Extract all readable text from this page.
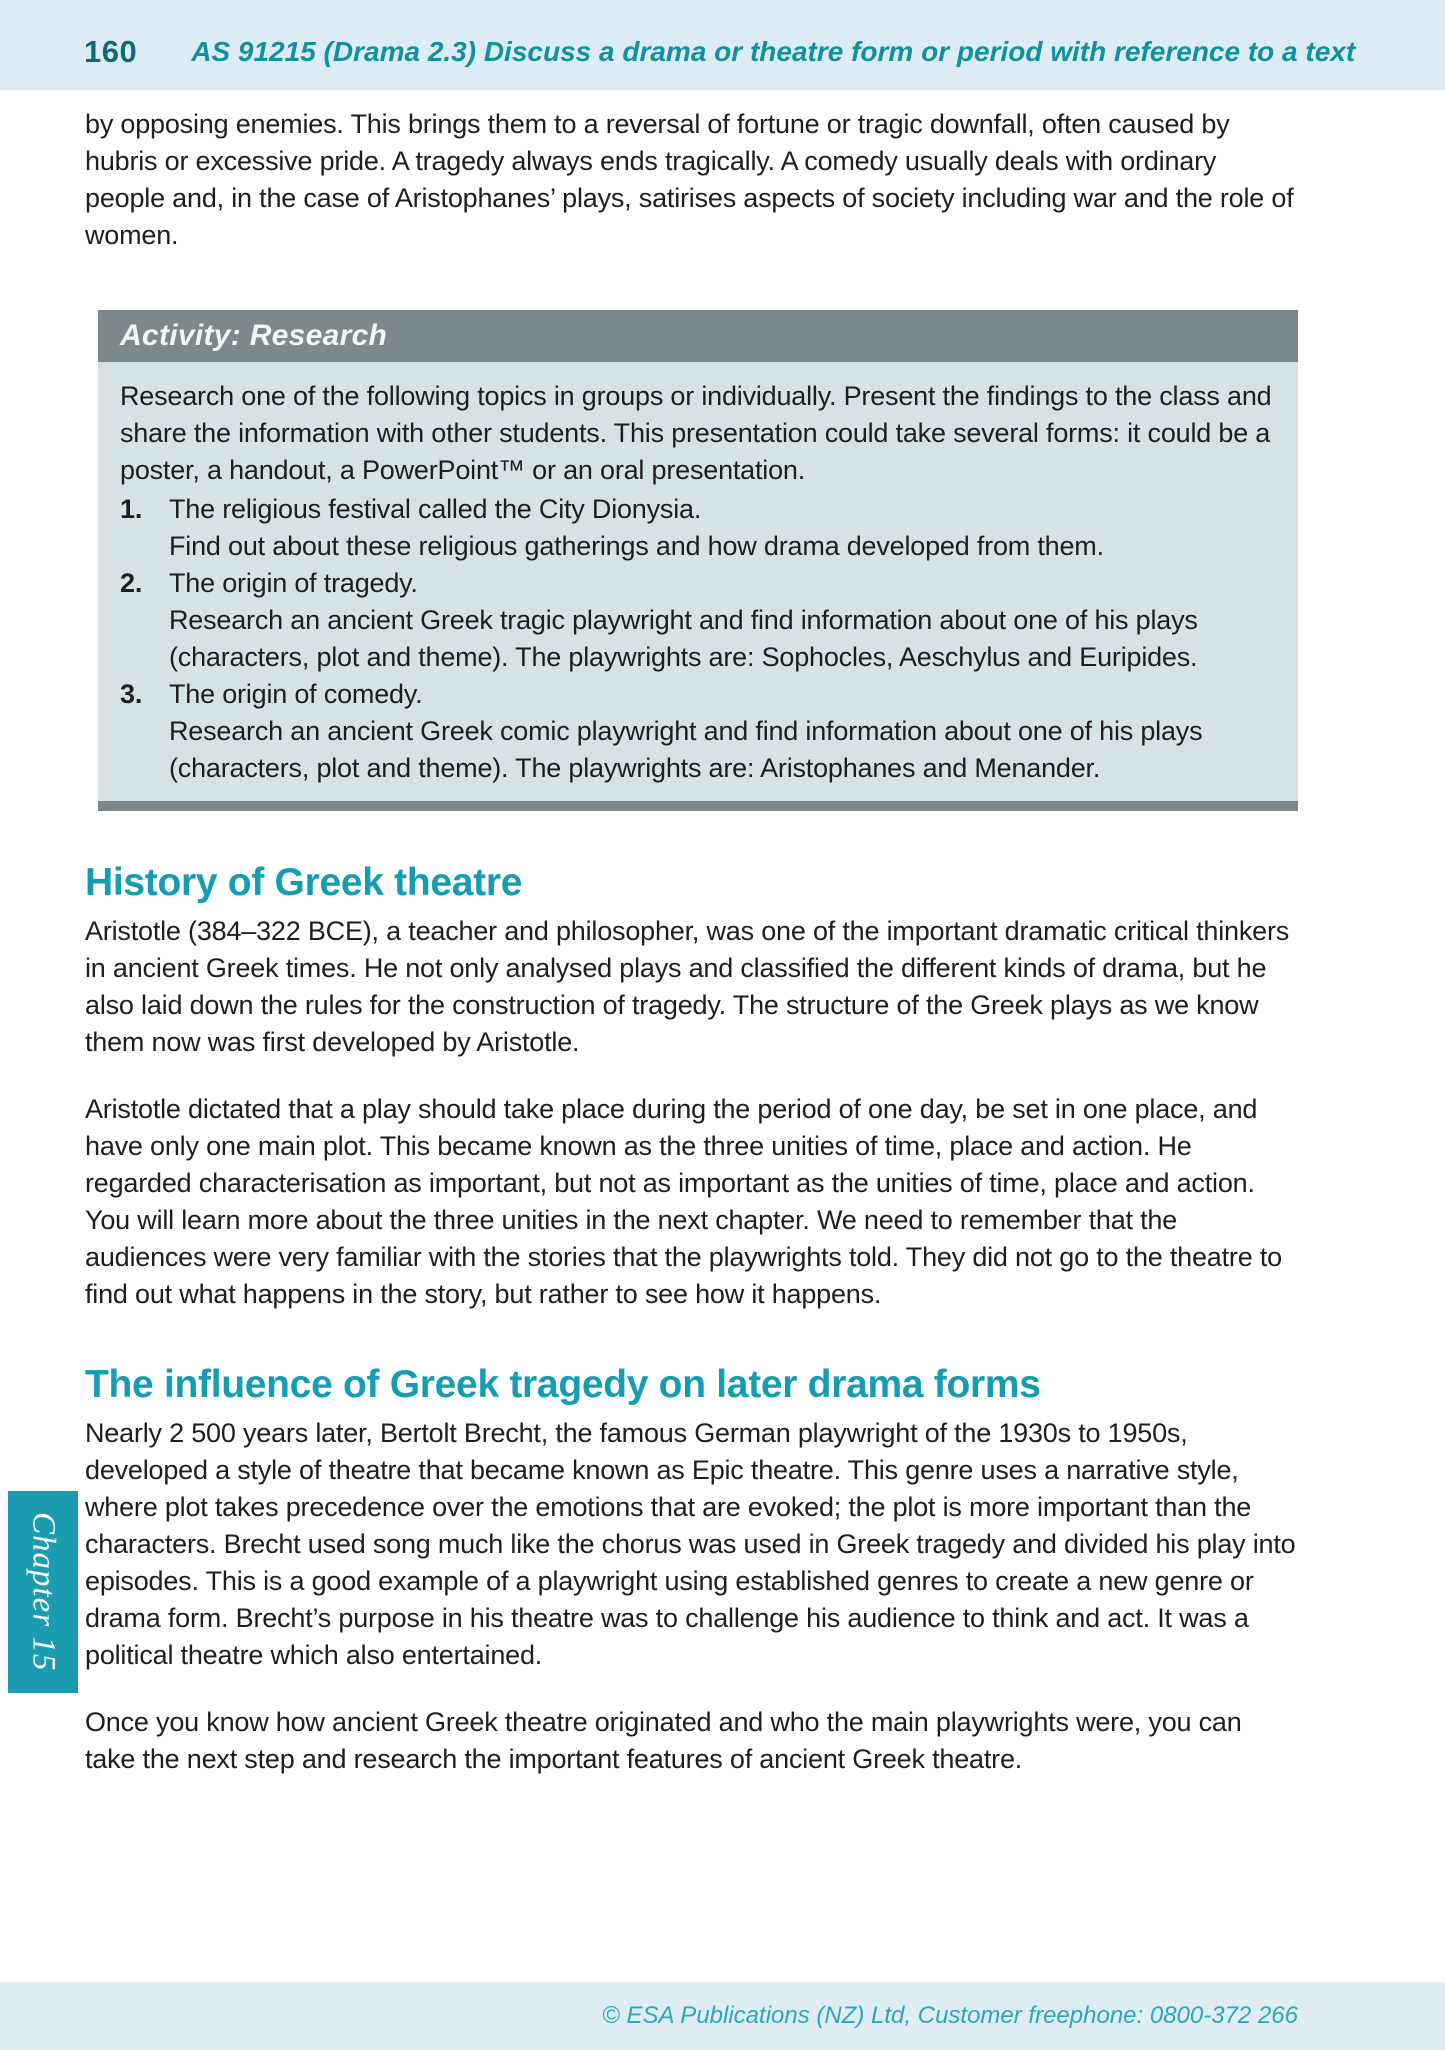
160 AS 91215 (Drama 2.3) Discuss a drama or theatre form or period with reference to a text

by opposing enemies. This brings them to a reversal of fortune or tragic downfall, often caused by hubris or excessive pride. A tragedy always ends tragically. A comedy usually deals with ordinary people and, in the case of Aristophanes’ plays, satirises aspects of society including war and the role of women.

Activity: Research

Research one of the following topics in groups or individually. Present the findings to the class and share the information with other students. This presentation could take several forms: it could be a poster, a handout, a PowerPoint™ or an oral presentation.

1. The religious festival called the City Dionysia.

Find out about these religious gatherings and how drama developed from them.

2. The origin of tragedy.

Research an ancient Greek tragic playwright and find information about one of his plays (characters, plot and theme). The playwrights are: Sophocles, Aeschylus and Euripides.

3. The origin of comedy.

Research an ancient Greek comic playwright and find information about one of his plays (characters, plot and theme). The playwrights are: Aristophanes and Menander.

History of Greek theatre

Aristotle (384–322 BCE), a teacher and philosopher, was one of the important dramatic critical thinkers in ancient Greek times. He not only analysed plays and classified the different kinds of drama, but he also laid down the rules for the construction of tragedy. The structure of the Greek plays as we know them now was first developed by Aristotle.

Aristotle dictated that a play should take place during the period of one day, be set in one place, and have only one main plot. This became known as the three unities of time, place and action. He regarded characterisation as important, but not as important as the unities of time, place and action. You will learn more about the three unities in the next chapter. We need to remember that the audiences were very familiar with the stories that the playwrights told. They did not go to the theatre to find out what happens in the story, but rather to see how it happens.

The influence of Greek tragedy on later drama forms

Nearly 2 500 years later, Bertolt Brecht, the famous German playwright of the 1930s to 1950s, developed a style of theatre that became known as Epic theatre. This genre uses a narrative style, where plot takes precedence over the emotions that are evoked; the plot is more important than the characters. Brecht used song much like the chorus was used in Greek tragedy and divided his play into episodes. This is a good example of a playwright using established genres to create a new genre or drama form. Brecht’s purpose in his theatre was to challenge his audience to think and act. It was a political theatre which also entertained.

Once you know how ancient Greek theatre originated and who the main playwrights were, you can take the next step and research the important features of ancient Greek theatre.

Chapter 15
© ESA Publications (NZ) Ltd, Customer freephone: 0800-372 266
